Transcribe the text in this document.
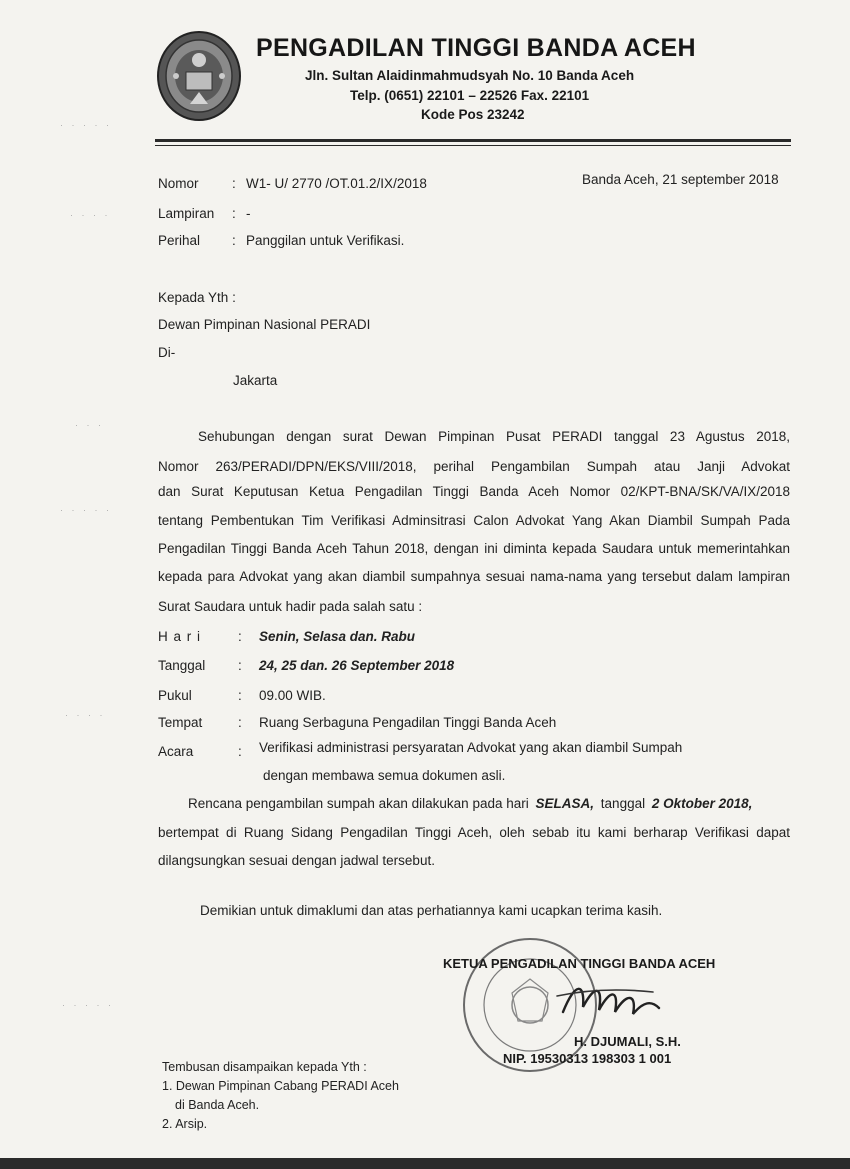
PENGADILAN TINGGI BANDA ACEH
Jln. Sultan Alaidinmahmudsyah No. 10 Banda Aceh
Telp. (0651) 22101 – 22526 Fax. 22101
Kode Pos 23242
Nomor : W1- U/ 2770 /OT.01.2/IX/2018	Banda Aceh, 21 september 2018
Lampiran : -
Perihal : Panggilan untuk Verifikasi.
Kepada Yth :
Dewan Pimpinan Nasional PERADI
Di-
Jakarta
Sehubungan dengan surat Dewan Pimpinan Pusat PERADI tanggal 23 Agustus 2018,
Nomor 263/PERADI/DPN/EKS/VIII/2018, perihal Pengambilan Sumpah atau Janji Advokat
dan Surat Keputusan Ketua Pengadilan Tinggi Banda Aceh Nomor 02/KPT-BNA/SK/VA/IX/2018
tentang Pembentukan Tim Verifikasi Adminsitrasi Calon Advokat Yang Akan Diambil Sumpah Pada
Pengadilan Tinggi Banda Aceh Tahun 2018, dengan ini diminta kepada Saudara untuk memerintahkan
kepada para Advokat yang akan diambil sumpahnya sesuai nama-nama yang tersebut dalam lampiran
Surat Saudara untuk hadir pada salah satu :
H a r i	: Senin, Selasa dan. Rabu
Tanggal : 24, 25 dan. 26 September 2018
Pukul	: 09.00 WIB.
Tempat	: Ruang Serbaguna Pengadilan Tinggi Banda Aceh
Acara	: Verifikasi administrasi persyaratan Advokat yang akan diambil Sumpah
dengan membawa semua dokumen asli.
Rencana pengambilan sumpah akan dilakukan pada hari SELASA, tanggal 2 Oktober 2018,
bertempat di Ruang Sidang Pengadilan Tinggi Aceh, oleh sebab itu kami berharap Verifikasi dapat
dilangsungkan sesuai dengan jadwal tersebut.
Demikian untuk dimaklumi dan atas perhatiannya kami ucapkan terima kasih.
KETUA PENGADILAN TINGGI BANDA ACEH
H. DJUMALI, S.H.
NIP. 19530313 198303 1 001
Tembusan disampaikan kepada Yth :
1. Dewan Pimpinan Cabang PERADI Aceh
di Banda Aceh.
2. Arsip.
· · · · ·
· · · ·
· · ·
· · · · ·
· · · ·
· · · · ·
